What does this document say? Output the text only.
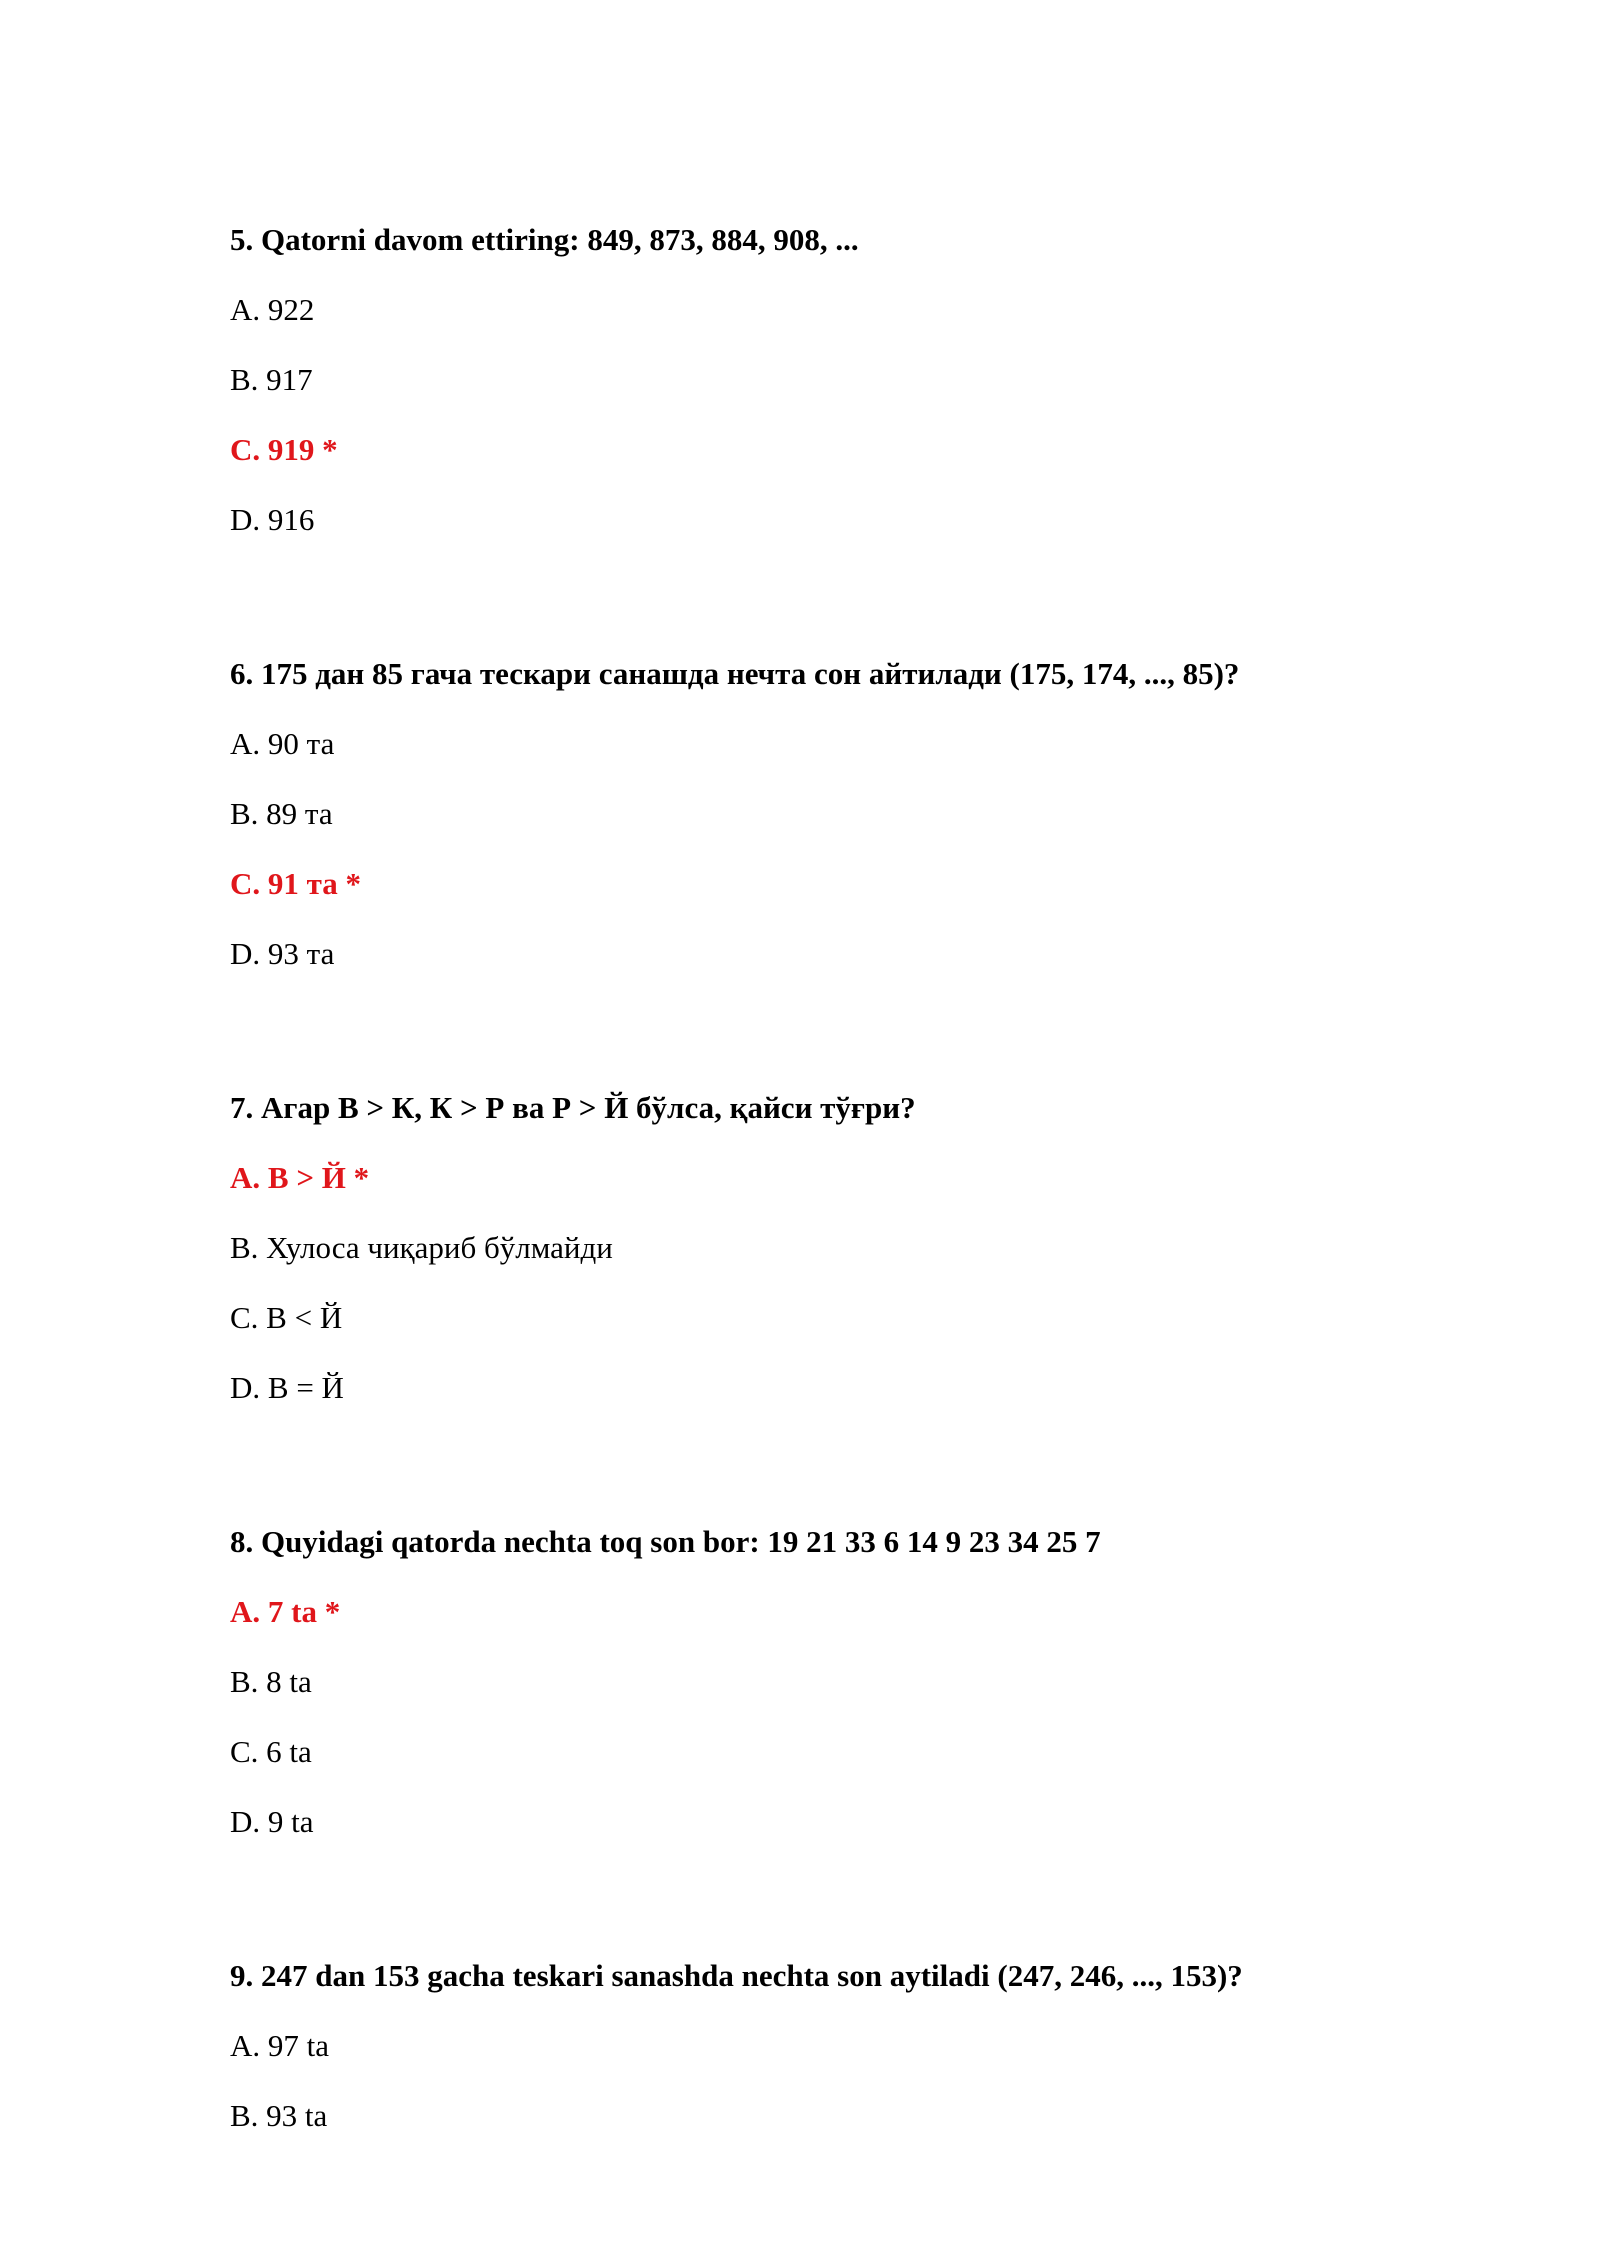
5. Qatorni davom ettiring: 849, 873, 884, 908, ...
A. 922
B. 917
C. 919 *
D. 916
6. 175 дан 85 гача тескари санашда нечта сон айтилади (175, 174, ..., 85)?
A. 90 та
B. 89 та
C. 91 та *
D. 93 та
7. Агар В > К, К > Р ва Р > Й бўлса, қайси тўғри?
A. В > Й *
B. Хулоса чиқариб бўлмайди
C. В < Й
D. В = Й
8. Quyidagi qatorda nechta toq son bor: 19 21 33 6 14 9 23 34 25 7
A. 7 ta *
B. 8 ta
C. 6 ta
D. 9 ta
9. 247 dan 153 gacha teskari sanashda nechta son aytiladi (247, 246, ..., 153)?
A. 97 ta
B. 93 ta
